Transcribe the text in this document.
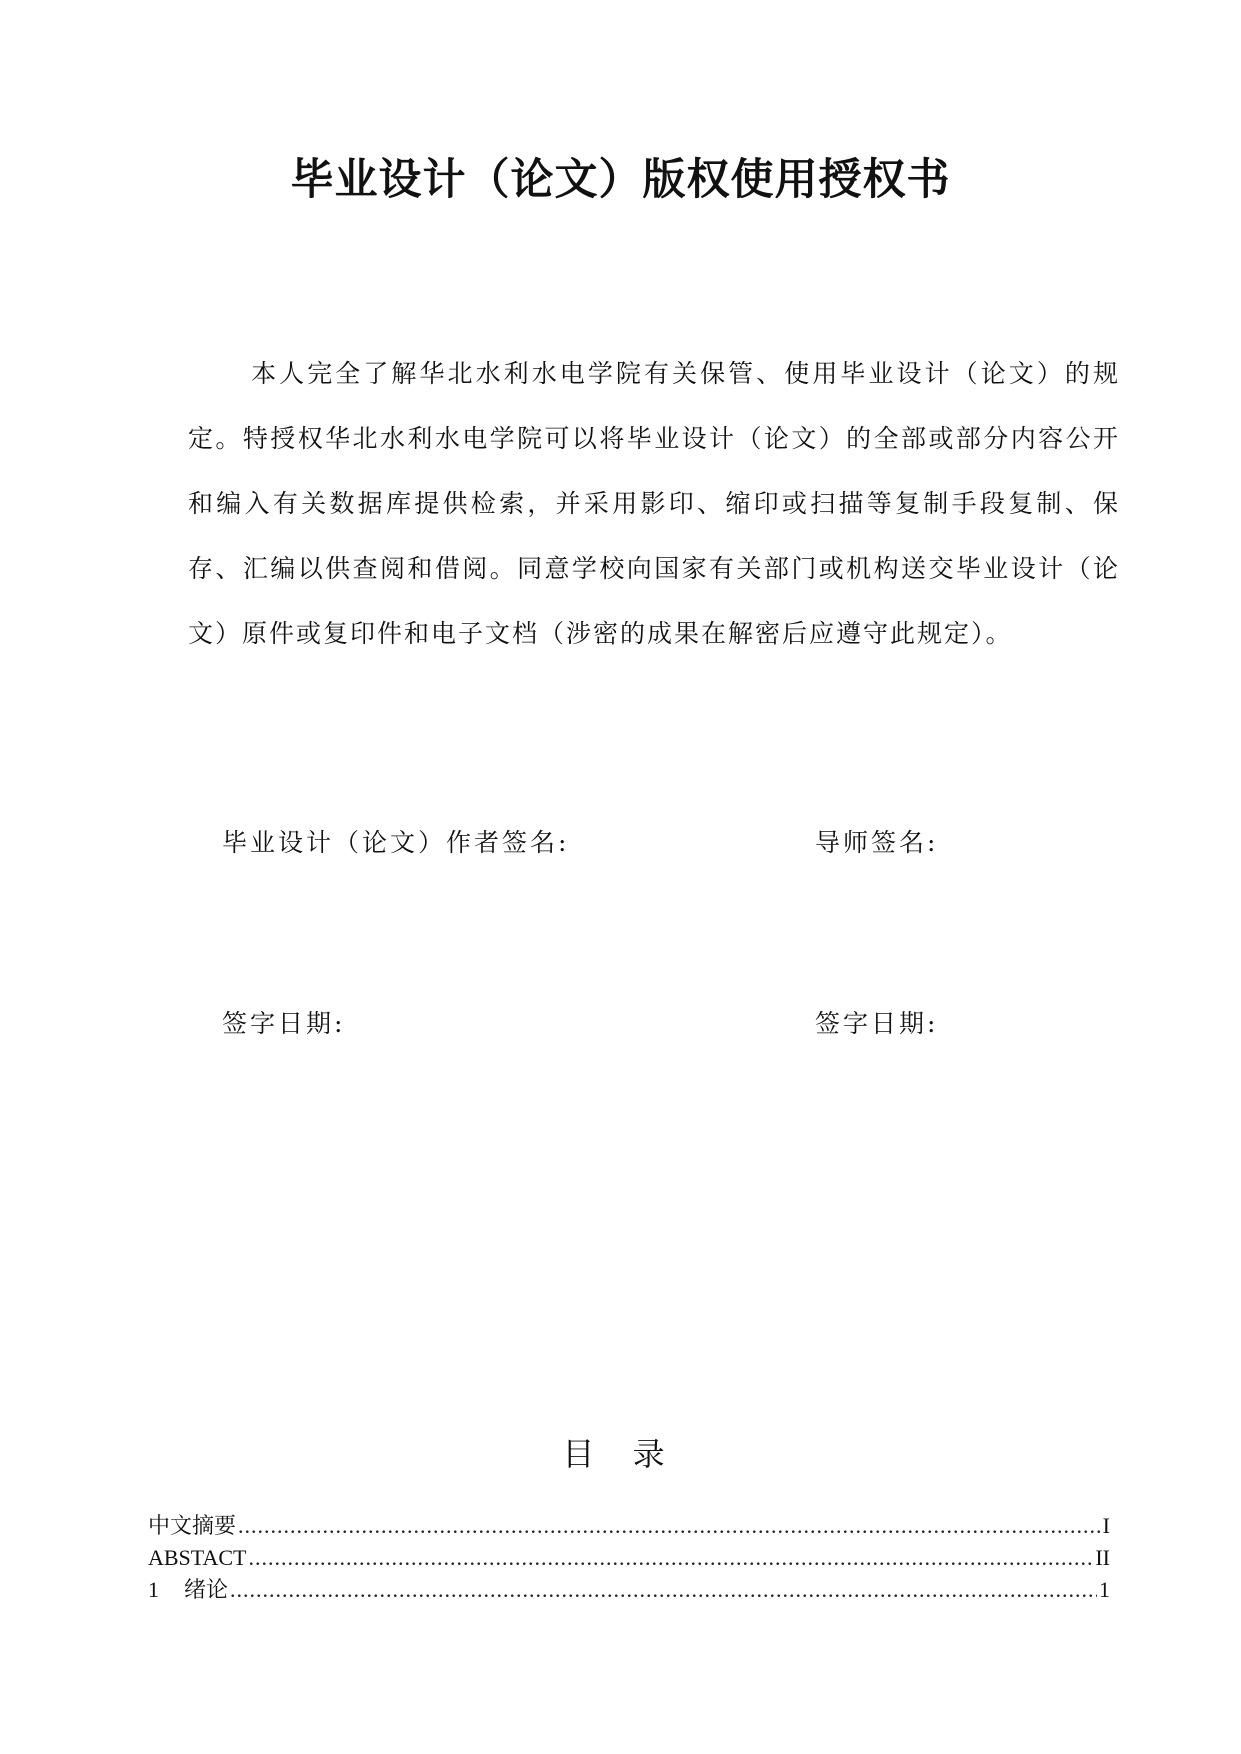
毕业设计（论文）版权使用授权书

本人完全了解华北水利水电学院有关保管、使用毕业设计（论文）的规定。特授权华北水利水电学院可以将毕业设计（论文）的全部或部分内容公开和编入有关数据库提供检索，并采用影印、缩印或扫描等复制手段复制、保存、汇编以供查阅和借阅。同意学校向国家有关部门或机构送交毕业设计（论文）原件或复印件和电子文档（涉密的成果在解密后应遵守此规定）。

毕业设计（论文）作者签名:	导师签名:
签字日期:	签字日期:
目 录
中文摘要 .....	I
ABSTACT .....	II
1 绪论 .....	1
